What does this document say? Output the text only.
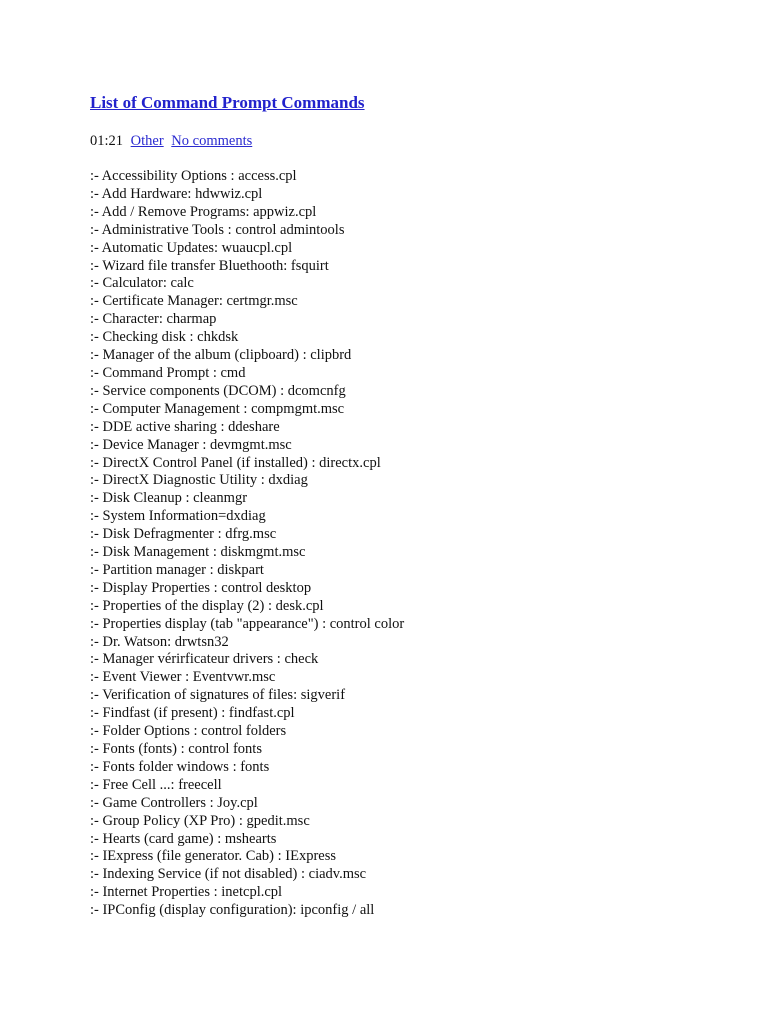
List of Command Prompt Commands
01:21 Other No comments
:- Accessibility Options : access.cpl
:- Add Hardware: hdwwiz.cpl
:- Add / Remove Programs: appwiz.cpl
:- Administrative Tools : control admintools
:- Automatic Updates: wuaucpl.cpl
:- Wizard file transfer Bluethooth: fsquirt
:- Calculator: calc
:- Certificate Manager: certmgr.msc
:- Character: charmap
:- Checking disk : chkdsk
:- Manager of the album (clipboard) : clipbrd
:- Command Prompt : cmd
:- Service components (DCOM) : dcomcnfg
:- Computer Management : compmgmt.msc
:- DDE active sharing : ddeshare
:- Device Manager : devmgmt.msc
:- DirectX Control Panel (if installed) : directx.cpl
:- DirectX Diagnostic Utility : dxdiag
:- Disk Cleanup : cleanmgr
:- System Information=dxdiag
:- Disk Defragmenter : dfrg.msc
:- Disk Management : diskmgmt.msc
:- Partition manager : diskpart
:- Display Properties : control desktop
:- Properties of the display (2) : desk.cpl
:- Properties display (tab "appearance") : control color
:- Dr. Watson: drwtsn32
:- Manager vérirficateur drivers : check
:- Event Viewer : Eventvwr.msc
:- Verification of signatures of files: sigverif
:- Findfast (if present) : findfast.cpl
:- Folder Options : control folders
:- Fonts (fonts) : control fonts
:- Fonts folder windows : fonts
:- Free Cell ...: freecell
:- Game Controllers : Joy.cpl
:- Group Policy (XP Pro) : gpedit.msc
:- Hearts (card game) : mshearts
:- IExpress (file generator. Cab) : IExpress
:- Indexing Service (if not disabled) : ciadv.msc
:- Internet Properties : inetcpl.cpl
:- IPConfig (display configuration): ipconfig / all
